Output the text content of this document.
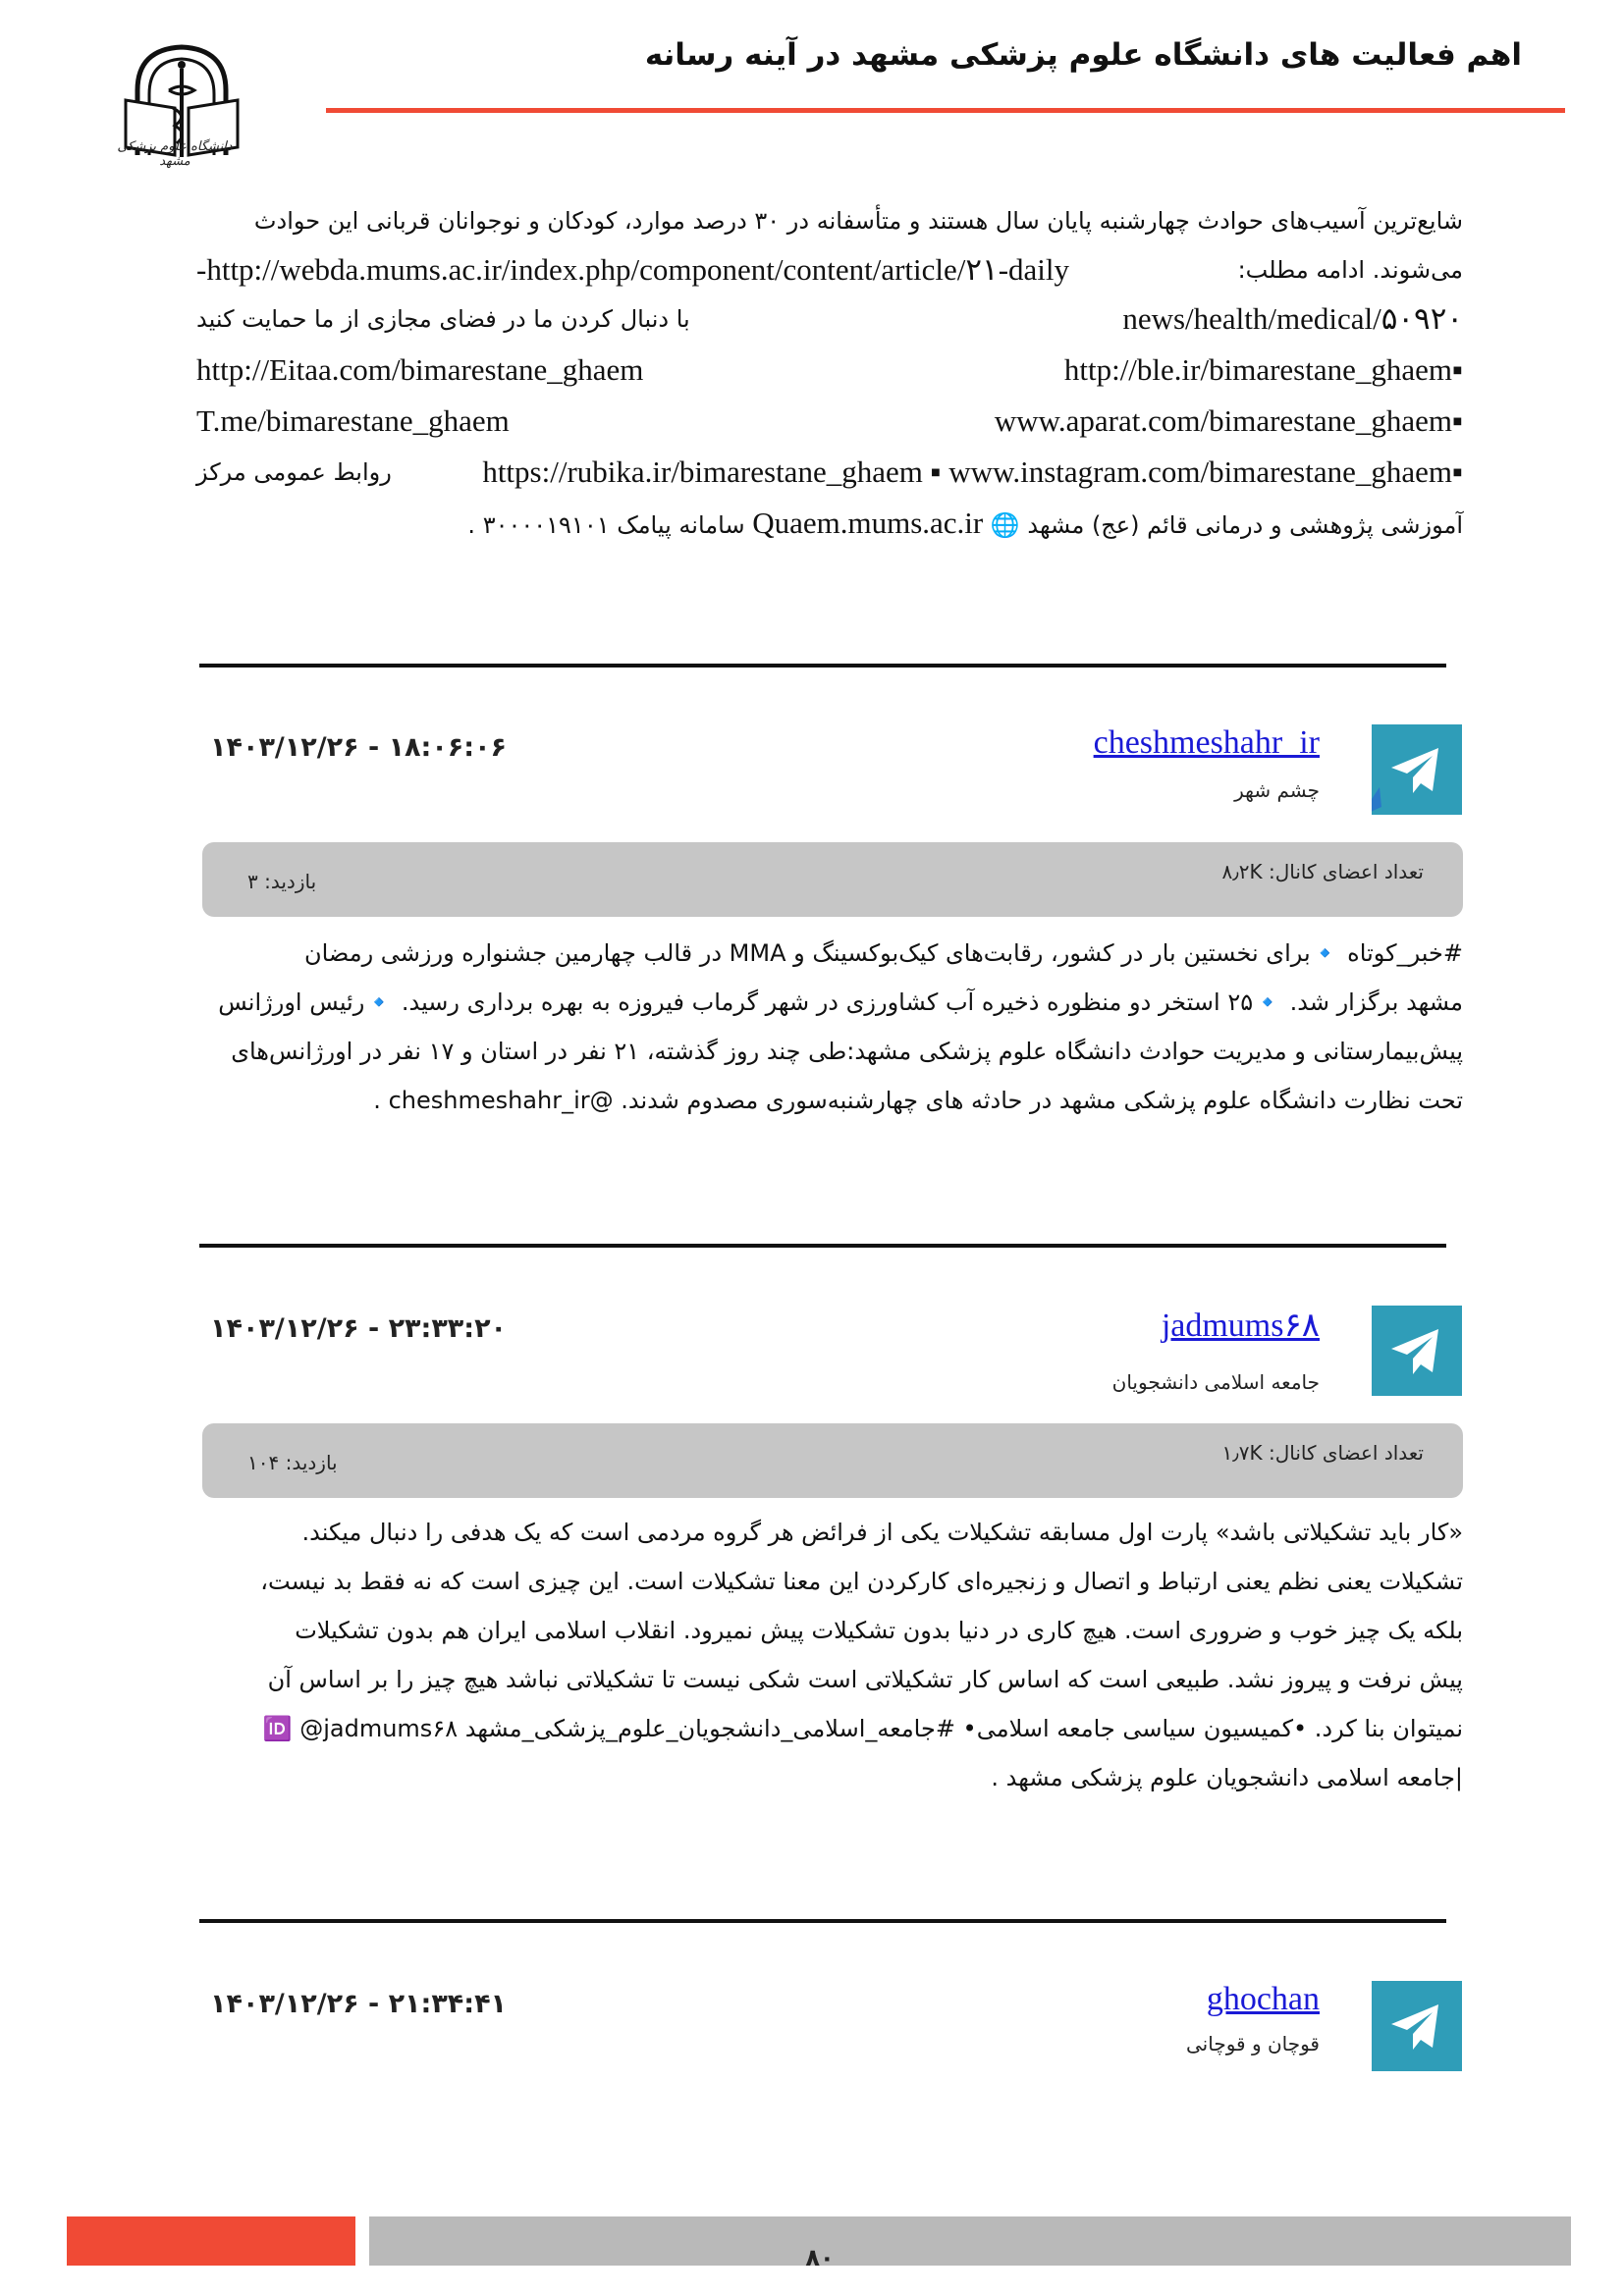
اهم فعالیت های دانشگاه علوم پزشکی مشهد در آینه رسانه
دانشگاه علوم پزشکی مشهد
شایع‌ترین آسیب‌های حوادث چهارشنبه پایان سال هستند و متأسفانه در ۳۰ درصد موارد، کودکان و نوجوانان قربانی این حوادث
می‌شوند. ادامه مطلب:
http://webda.mums.ac.ir/index.php/component/content/article/۲۱-daily-
news/health/medical/۵۰۹۲۰
با دنبال کردن ما در فضای مجازی از ما حمایت کنید
▪http://ble.ir/bimarestane_ghaem
http://Eitaa.com/bimarestane_ghaem
▪www.aparat.com/bimarestane_ghaem
T.me/bimarestane_ghaem
▪https://rubika.ir/bimarestane_ghaem ▪ www.instagram.com/bimarestane_ghaem
روابط عمومی مرکز
آموزشی پژوهشی و درمانی قائم (عج) مشهد 🌐 Quaem.mums.ac.ir سامانه پیامک ۳۰۰۰۰۱۹۱۰۱ .
cheshmeshahr_ir
چشم شهر
۱۴۰۳/۱۲/۲۶ - ۱۸:۰۶:۰۶
تعداد اعضای کانال: ۸٫۲K
بازدید: ۳
#خبر_کوتاه 🔹برای نخستین بار در کشور، رقابت‌های کیک‌بوکسینگ و MMA در قالب چهارمین جشنواره ورزشی رمضان
مشهد برگزار شد. 🔹۲۵ استخر دو منظوره ذخیره آب کشاورزی در شهر گرماب فیروزه به بهره برداری رسید. 🔹رئیس اورژانس
پیش‌بیمارستانی و مدیریت حوادث دانشگاه علوم پزشکی مشهد:طی چند روز گذشته، ۲۱ نفر در استان و ۱۷ نفر در اورژانس‌های
تحت نظارت دانشگاه علوم پزشکی مشهد در حادثه های چهارشنبه‌سوری مصدوم شدند. @cheshmeshahr_ir .
jadmums۶۸
جامعه اسلامی دانشجویان
۱۴۰۳/۱۲/۲۶ - ۲۳:۳۳:۲۰
تعداد اعضای کانال: ۱٫۷K
بازدید: ۱۰۴
«کار باید تشکیلاتی باشد» پارت اول مسابقه تشکیلات یکی از فرائض هر گروه مردمی است که یک هدفی را دنبال میکند.
تشکیلات یعنی نظم یعنی ارتباط و اتصال و زنجیره‌ای کارکردن این معنا تشکیلات است. این چیزی است که نه فقط بد نیست،
بلکه یک چیز خوب و ضروری است. هیچ کاری در دنیا بدون تشکیلات پیش نمیرود. انقلاب اسلامی ایران هم بدون تشکیلات
پیش نرفت و پیروز نشد. طبیعی است که اساس کار تشکیلاتی است شکی نیست تا تشکیلاتی نباشد هیچ چیز را بر اساس آن
نمیتوان بنا کرد. •کمیسیون سیاسی جامعه اسلامی• #جامعه_اسلامی_دانشجویان_علوم_پزشکی_مشهد 🆔 @jadmums۶۸
|جامعه اسلامی دانشجویان علوم پزشکی مشهد .
ghochan
قوچان و قوچانی
۱۴۰۳/۱۲/۲۶ - ۲۱:۳۴:۴۱
۸۰
